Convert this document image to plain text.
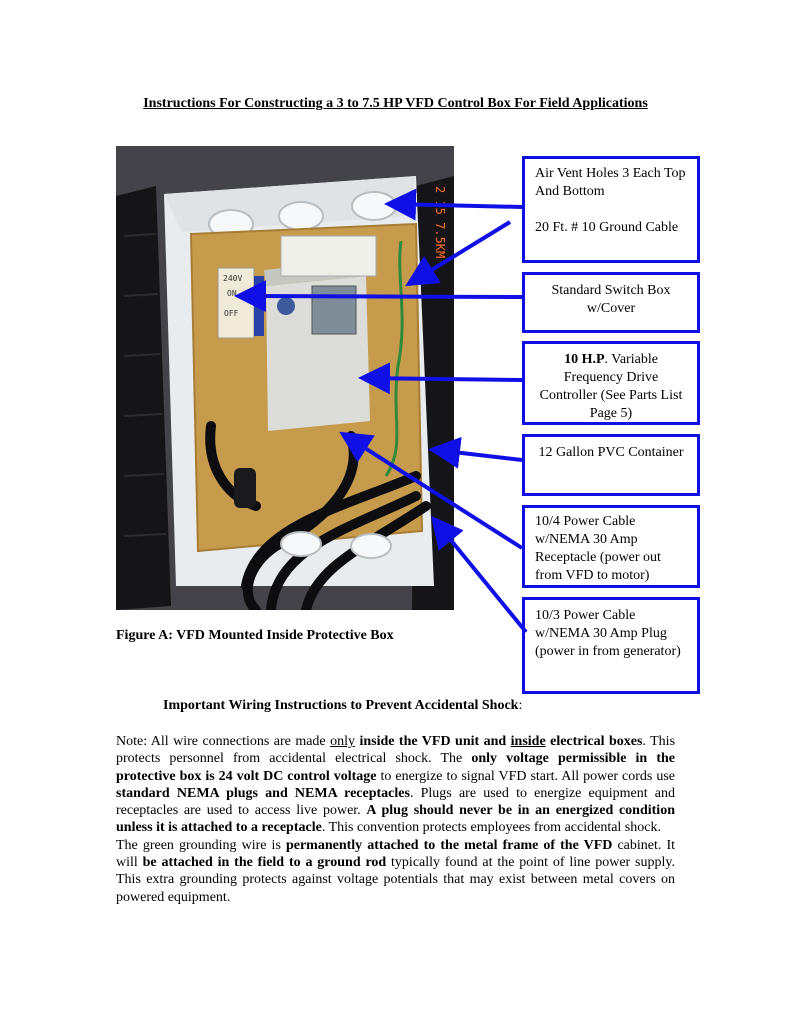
Instructions For Constructing a 3 to 7.5 HP VFD Control Box For Field Applications
240V
ON
OFF
2 15 7.5KM

Air Vent Holes 3 Each Top And Bottom

20 Ft. # 10 Ground Cable

Standard Switch Box w/Cover

10 H.P. Variable Frequency Drive Controller (See Parts List Page 5)

12 Gallon PVC Container

10/4 Power Cable w/NEMA 30 Amp Receptacle (power out from VFD to motor)

10/3 Power Cable w/NEMA 30 Amp Plug (power in from generator)

Figure A: VFD Mounted Inside Protective Box
Important Wiring Instructions to Prevent Accidental Shock:

Note: All wire connections are made only inside the VFD unit and inside electrical boxes. This protects personnel from accidental electrical shock. The only voltage permissible in the protective box is 24 volt DC control voltage to energize to signal VFD start. All power cords use standard NEMA plugs and NEMA receptacles. Plugs are used to energize equipment and receptacles are used to access live power. A plug should never be in an energized condition unless it is attached to a receptacle. This convention protects employees from accidental shock.

The green grounding wire is permanently attached to the metal frame of the VFD cabinet. It will be attached in the field to a ground rod typically found at the point of line power supply. This extra grounding protects against voltage potentials that may exist between metal covers on powered equipment.
